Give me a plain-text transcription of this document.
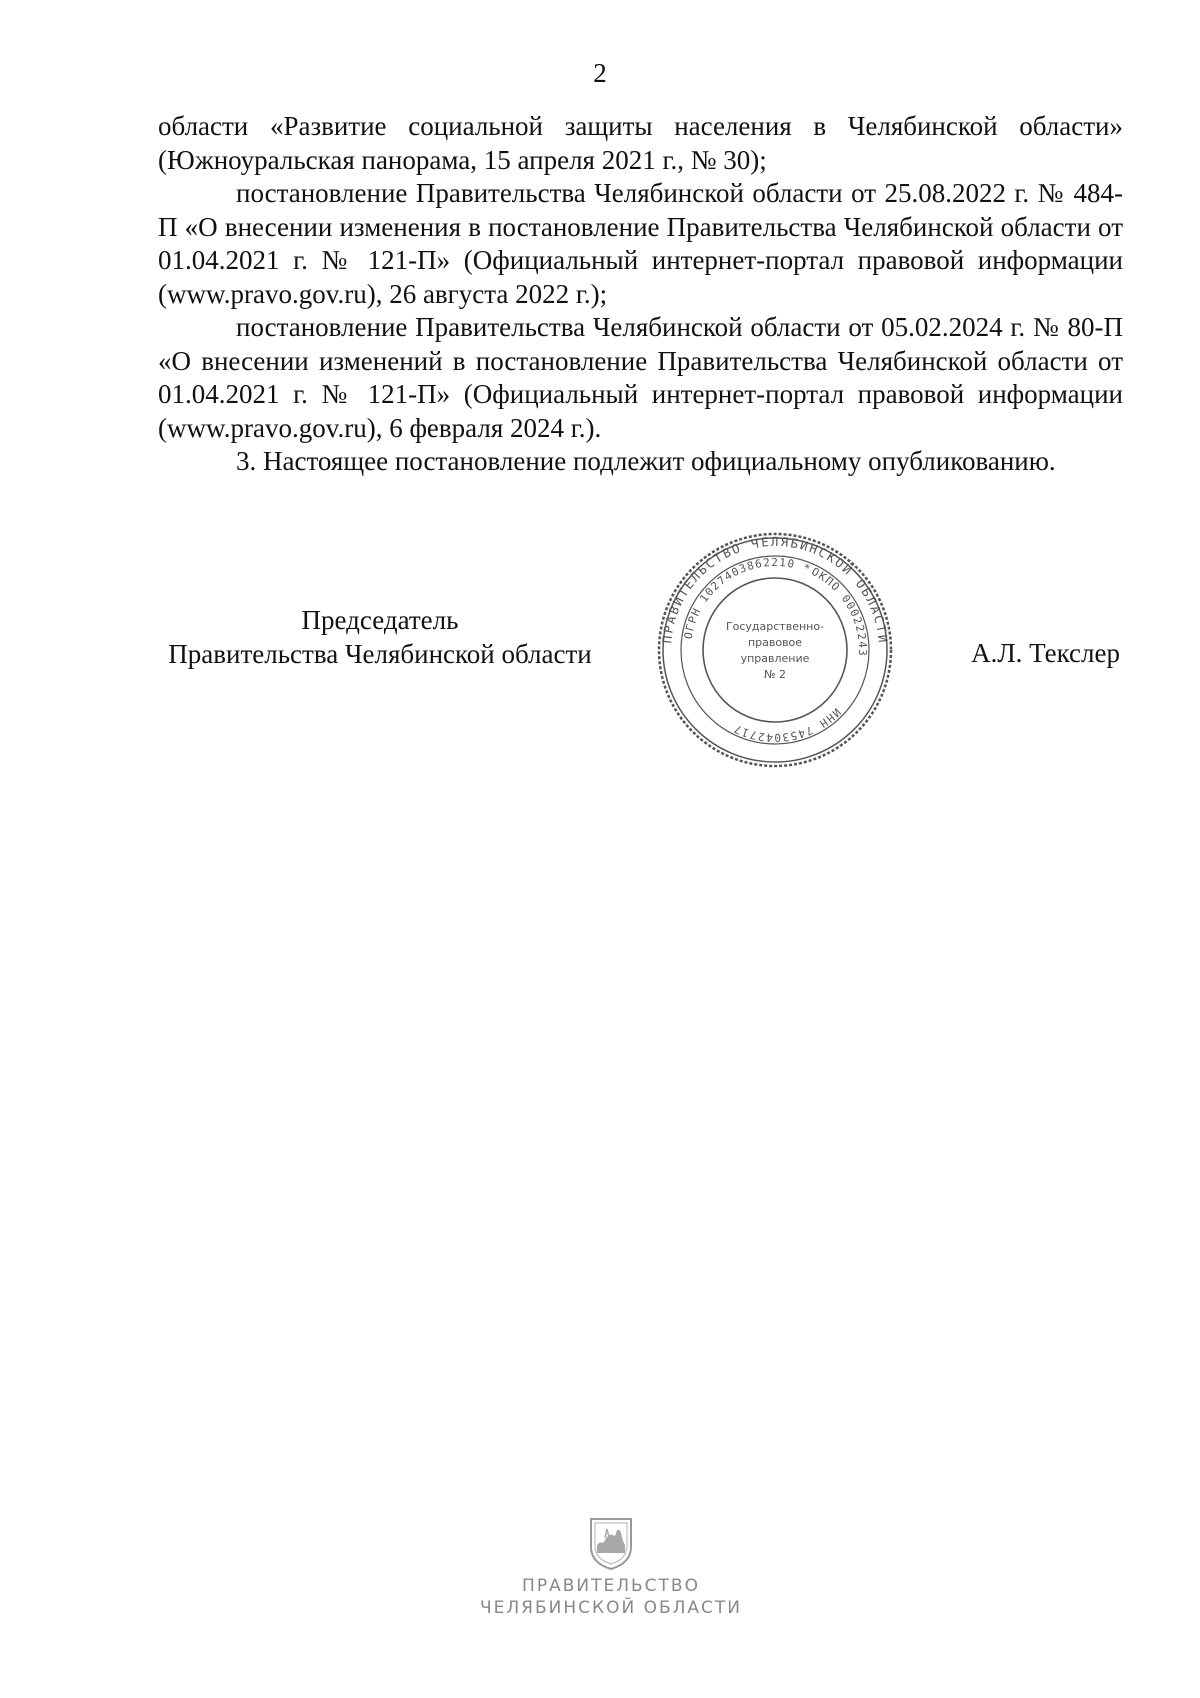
2

области «Развитие социальной защиты населения в Челябинской области» (Южноуральская панорама, 15 апреля 2021 г., № 30);

постановление Правительства Челябинской области от 25.08.2022 г. № 484-П «О внесении изменения в постановление Правительства Челябинской области от 01.04.2021 г. № 121-П» (Официальный интернет-портал правовой информации (www.pravo.gov.ru), 26 августа 2022 г.);

постановление Правительства Челябинской области от 05.02.2024 г. № 80-П «О внесении изменений в постановление Правительства Челябинской области от 01.04.2021 г. № 121-П» (Официальный интернет-портал правовой информации (www.pravo.gov.ru), 6 февраля 2024 г.).

3. Настоящее постановление подлежит официальному опубликованию.

Председатель
Правительства Челябинской области
ПРАВИТЕЛЬСТВО ЧЕЛЯБИНСКОЙ ОБЛАСТИ
ОГРН 1027403862210 *
ОКПО 00022243
ИНН 7453042717
Государственно-
правовое
управление
№ 2
А.Л. Текслер
ПРАВИТЕЛЬСТВО
ЧЕЛЯБИНСКОЙ ОБЛАСТИ
